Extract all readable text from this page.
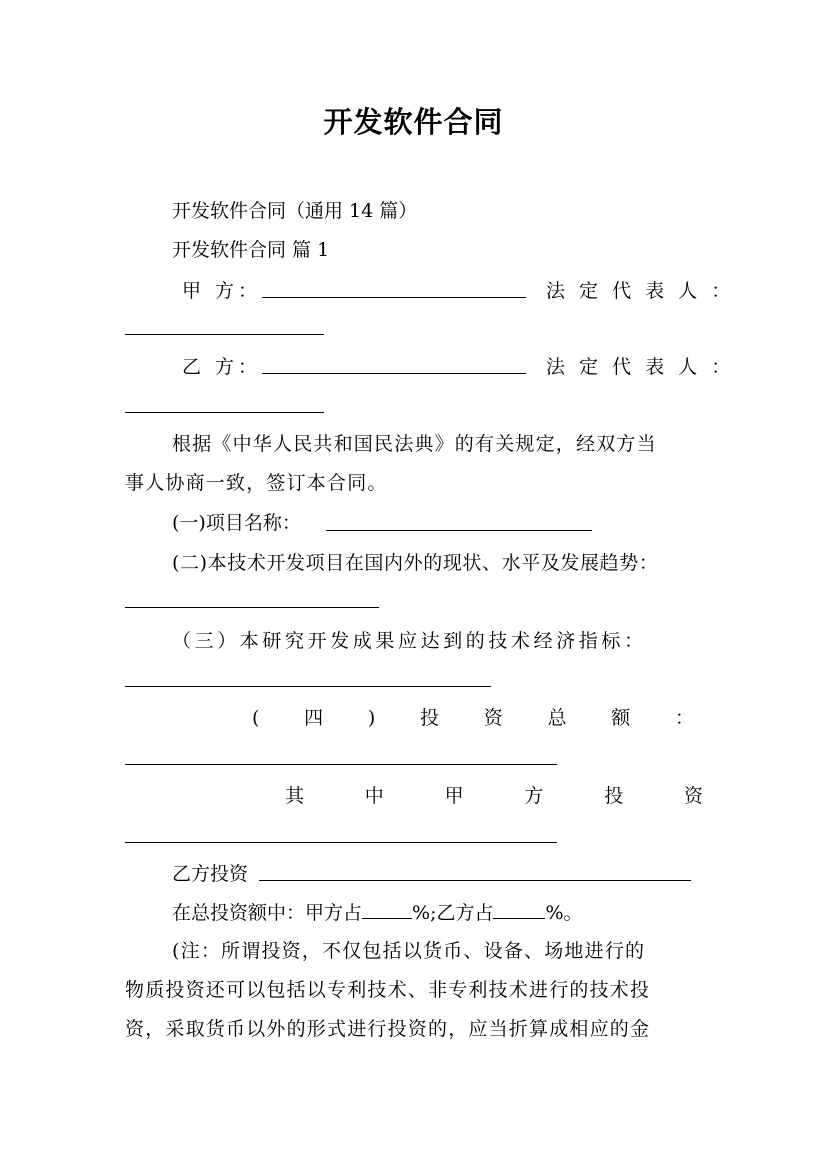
开发软件合同
开发软件合同（通用 14 篇）
开发软件合同 篇 1
甲 方：	法 定 代 表 人 ：
乙 方：	法 定 代 表 人 ：
根据《中华人民共和国民法典》的有关规定，经双方当
事人协商一致，签订本合同。
(一)项目名称：
(二)本技术开发项目在国内外的现状、水平及发展趋势：
（三）本研究开发成果应达到的技术经济指标：
( 四 ) 投 资 总 额 ：
其	中	甲	方	投	资
乙方投资
在总投资额中：甲方占	%;乙方占	%。
(注：所谓投资，不仅包括以货币、设备、场地进行的
物质投资还可以包括以专利技术、非专利技术进行的技术投
资，采取货币以外的形式进行投资的，应当折算成相应的金
